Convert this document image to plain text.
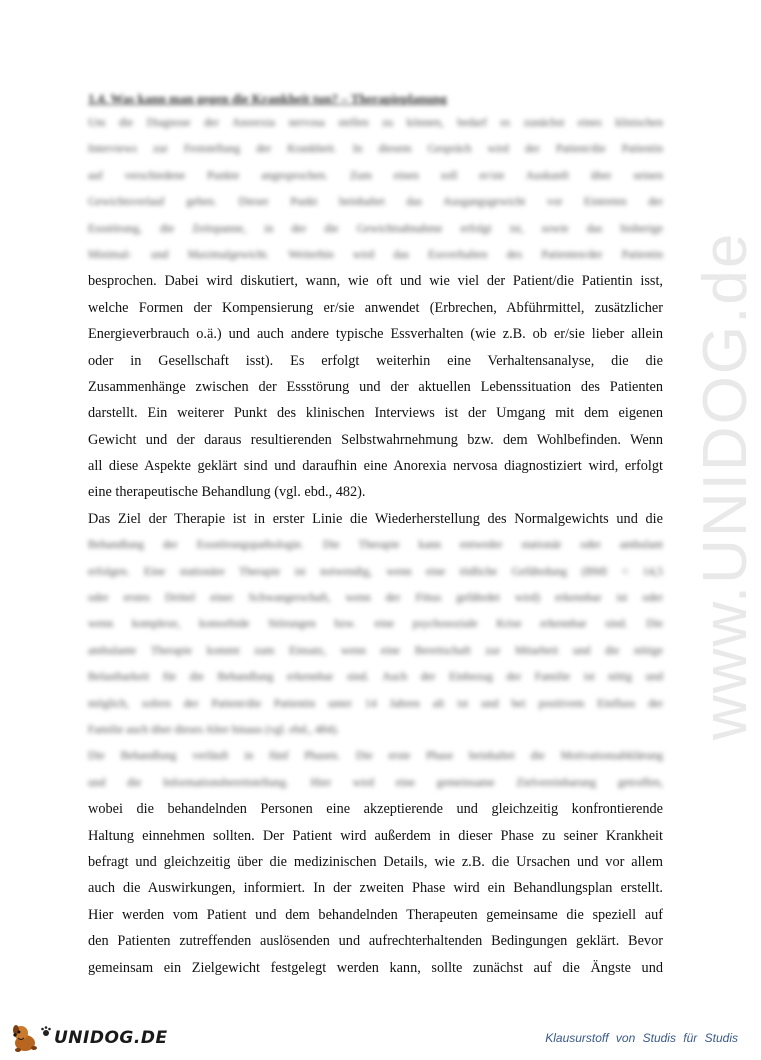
www.UNIDOG.de
1.4. Was kann man gegen die Krankheit tun? – Therapieplanung
Um die Diagnose der Anorexia nervosa stellen zu können, bedarf es zunächst eines klinischen
Interviews zur Feststellung der Krankheit. In diesem Gespräch wird der Patient/die Patientin
auf verschiedene Punkte angesprochen. Zum einen soll er/sie Auskunft über seinen
Gewichtsverlauf geben. Dieser Punkt beinhaltet das Ausgangsgewicht vor Eintreten der
Essstörung, die Zeitspanne, in der die Gewichtsabnahme erfolgt ist, sowie das bisherige
Minimal- und Maximalgewicht. Weiterhin wird das Essverhalten des Patienten/der Patientin
besprochen. Dabei wird diskutiert, wann, wie oft und wie viel der Patient/die Patientin isst,
welche Formen der Kompensierung er/sie anwendet (Erbrechen, Abführmittel, zusätzlicher
Energieverbrauch o.ä.) und auch andere typische Essverhalten (wie z.B. ob er/sie lieber allein
oder in Gesellschaft isst). Es erfolgt weiterhin eine Verhaltensanalyse, die die
Zusammenhänge zwischen der Essstörung und der aktuellen Lebenssituation des Patienten
darstellt. Ein weiterer Punkt des klinischen Interviews ist der Umgang mit dem eigenen
Gewicht und der daraus resultierenden Selbstwahrnehmung bzw. dem Wohlbefinden. Wenn
all diese Aspekte geklärt sind und daraufhin eine Anorexia nervosa diagnostiziert wird, erfolgt
eine therapeutische Behandlung (vgl. ebd., 482).
Das Ziel der Therapie ist in erster Linie die Wiederherstellung des Normalgewichts und die
Behandlung der Essstörungspathologie. Die Therapie kann entweder stationär oder ambulant
erfolgen. Eine stationäre Therapie ist notwendig, wenn eine tödliche Gefährdung (BMI < 14,5
oder erstes Drittel einer Schwangerschaft, wenn der Fötus gefährdet wird) erkennbar ist oder
wenn komplexe, komorbide Störungen bzw. eine psychosoziale Krise erkennbar sind. Die
ambulante Therapie kommt zum Einsatz, wenn eine Bereitschaft zur Mitarbeit und die nötige
Belastbarkeit für die Behandlung erkennbar sind. Auch der Einbezug der Familie ist nötig und
möglich, sofern der Patient/die Patientin unter 14 Jahren alt ist und bei positivem Einfluss der
Familie auch über dieses Alter hinaus (vgl. ebd., 484).
Die Behandlung verläuft in fünf Phasen. Die erste Phase beinhaltet die Motivationsabklärung
und die Informationsbereitstellung. Hier wird eine gemeinsame Zielvereinbarung getroffen,
wobei die behandelnden Personen eine akzeptierende und gleichzeitig konfrontierende
Haltung einnehmen sollten. Der Patient wird außerdem in dieser Phase zu seiner Krankheit
befragt und gleichzeitig über die medizinischen Details, wie z.B. die Ursachen und vor allem
auch die Auswirkungen, informiert. In der zweiten Phase wird ein Behandlungsplan erstellt.
Hier werden vom Patient und dem behandelnden Therapeuten gemeinsame die speziell auf
den Patienten zutreffenden auslösenden und aufrechterhaltenden Bedingungen geklärt. Bevor
gemeinsam ein Zielgewicht festgelegt werden kann, sollte zunächst auf die Ängste und
UNIDOG.DE	Klausurstoff von Studis für Studis
